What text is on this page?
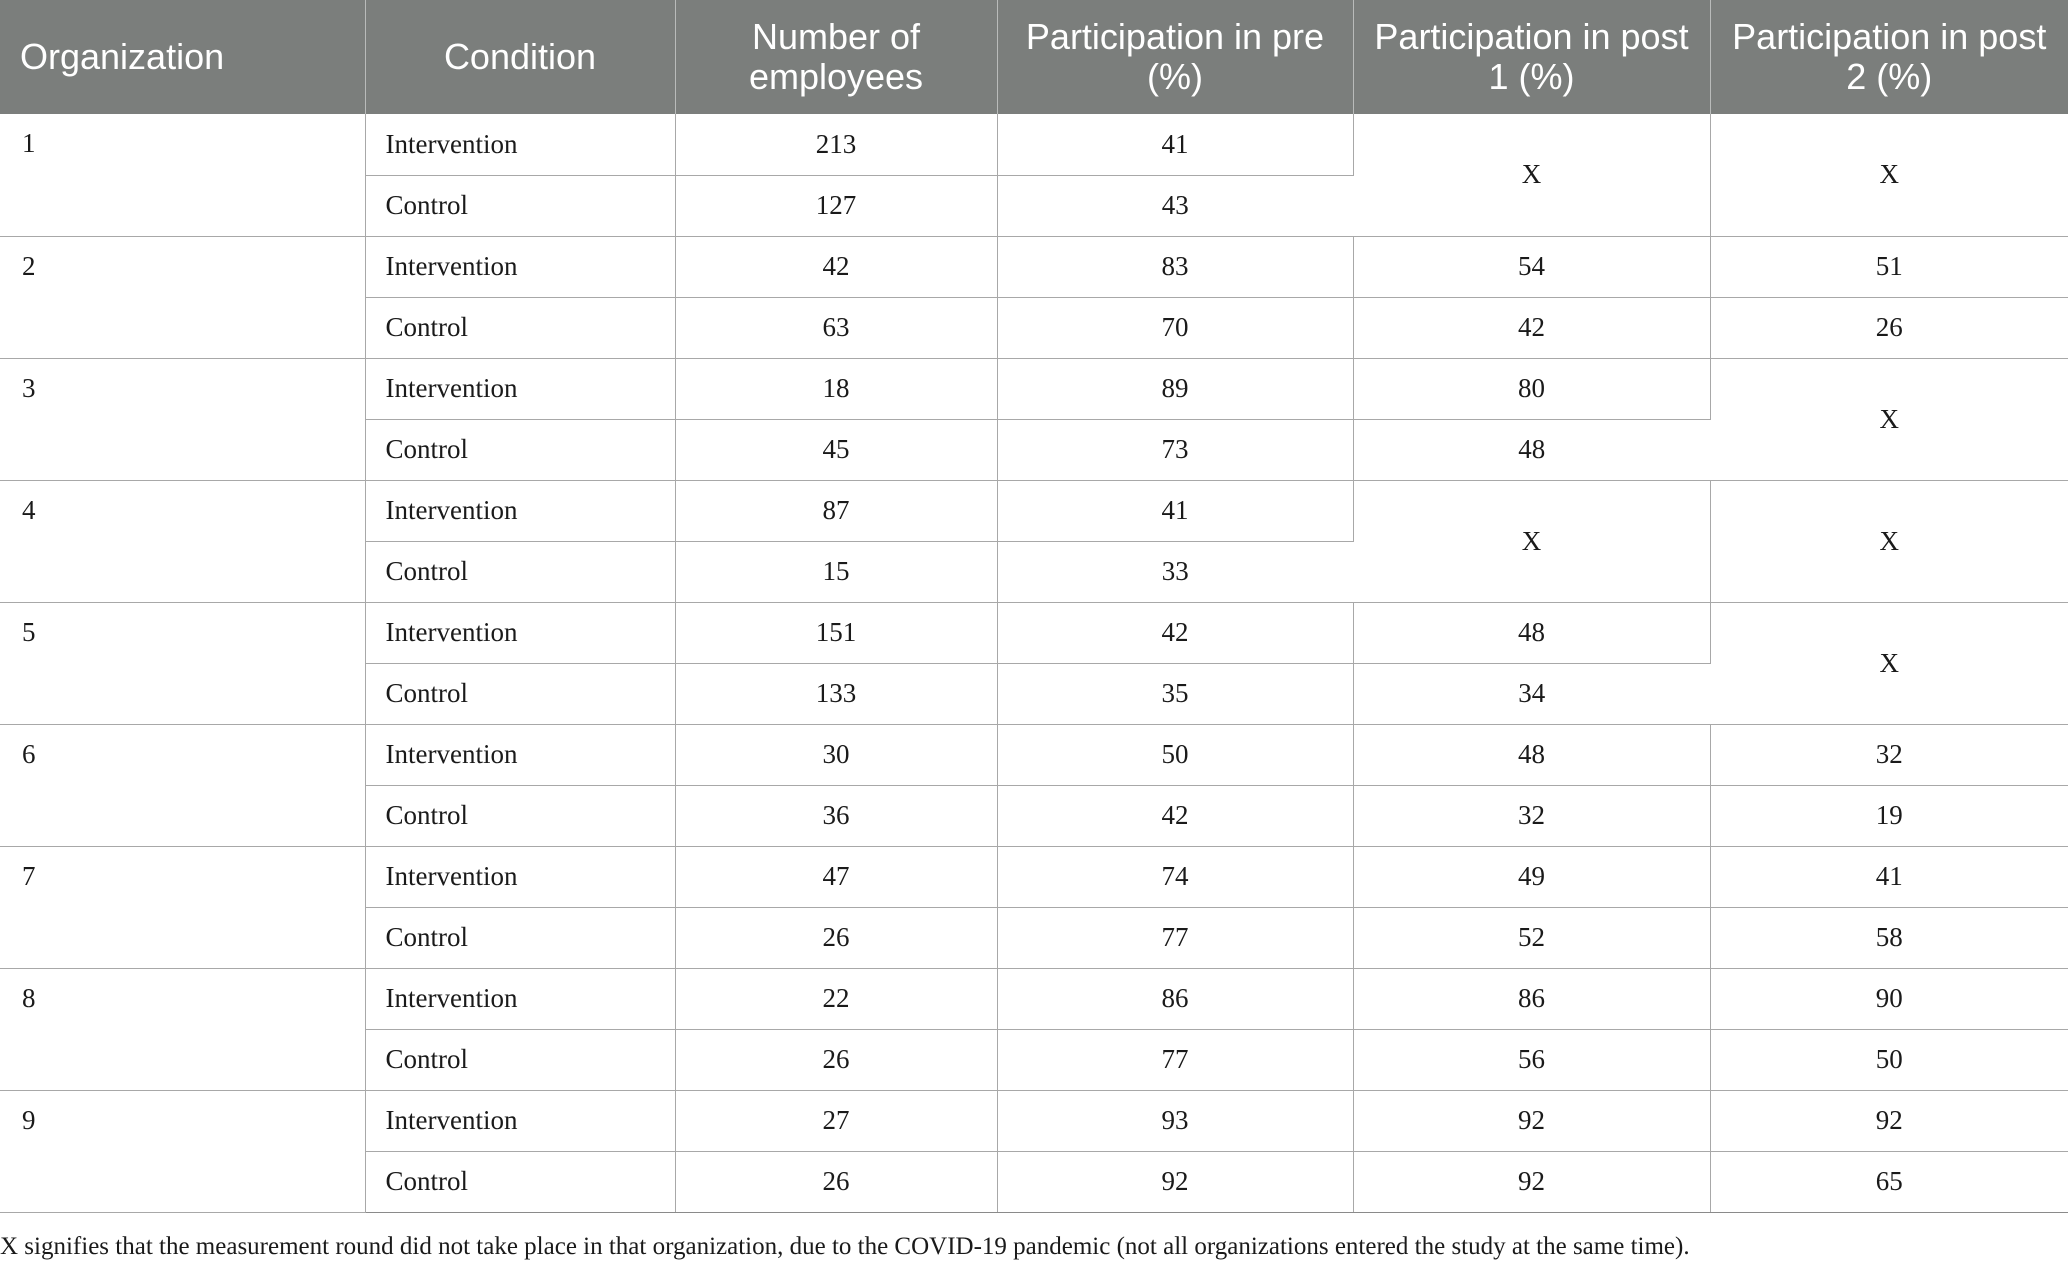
Organization	Condition	Number of employees	Participation in pre (%)	Participation in post 1 (%)	Participation in post 2 (%)
1	Intervention	213	41	X	X
	Control	127	43		
2	Intervention	42	83	54	51
	Control	63	70	42	26
3	Intervention	18	89	80	X
	Control	45	73	48	
4	Intervention	87	41	X	X
	Control	15	33		
5	Intervention	151	42	48	X
	Control	133	35	34	
6	Intervention	30	50	48	32
	Control	36	42	32	19
7	Intervention	47	74	49	41
	Control	26	77	52	58
8	Intervention	22	86	86	90
	Control	26	77	56	50
9	Intervention	27	93	92	92
	Control	26	92	92	65
X signifies that the measurement round did not take place in that organization, due to the COVID-19 pandemic (not all organizations entered the study at the same time).
